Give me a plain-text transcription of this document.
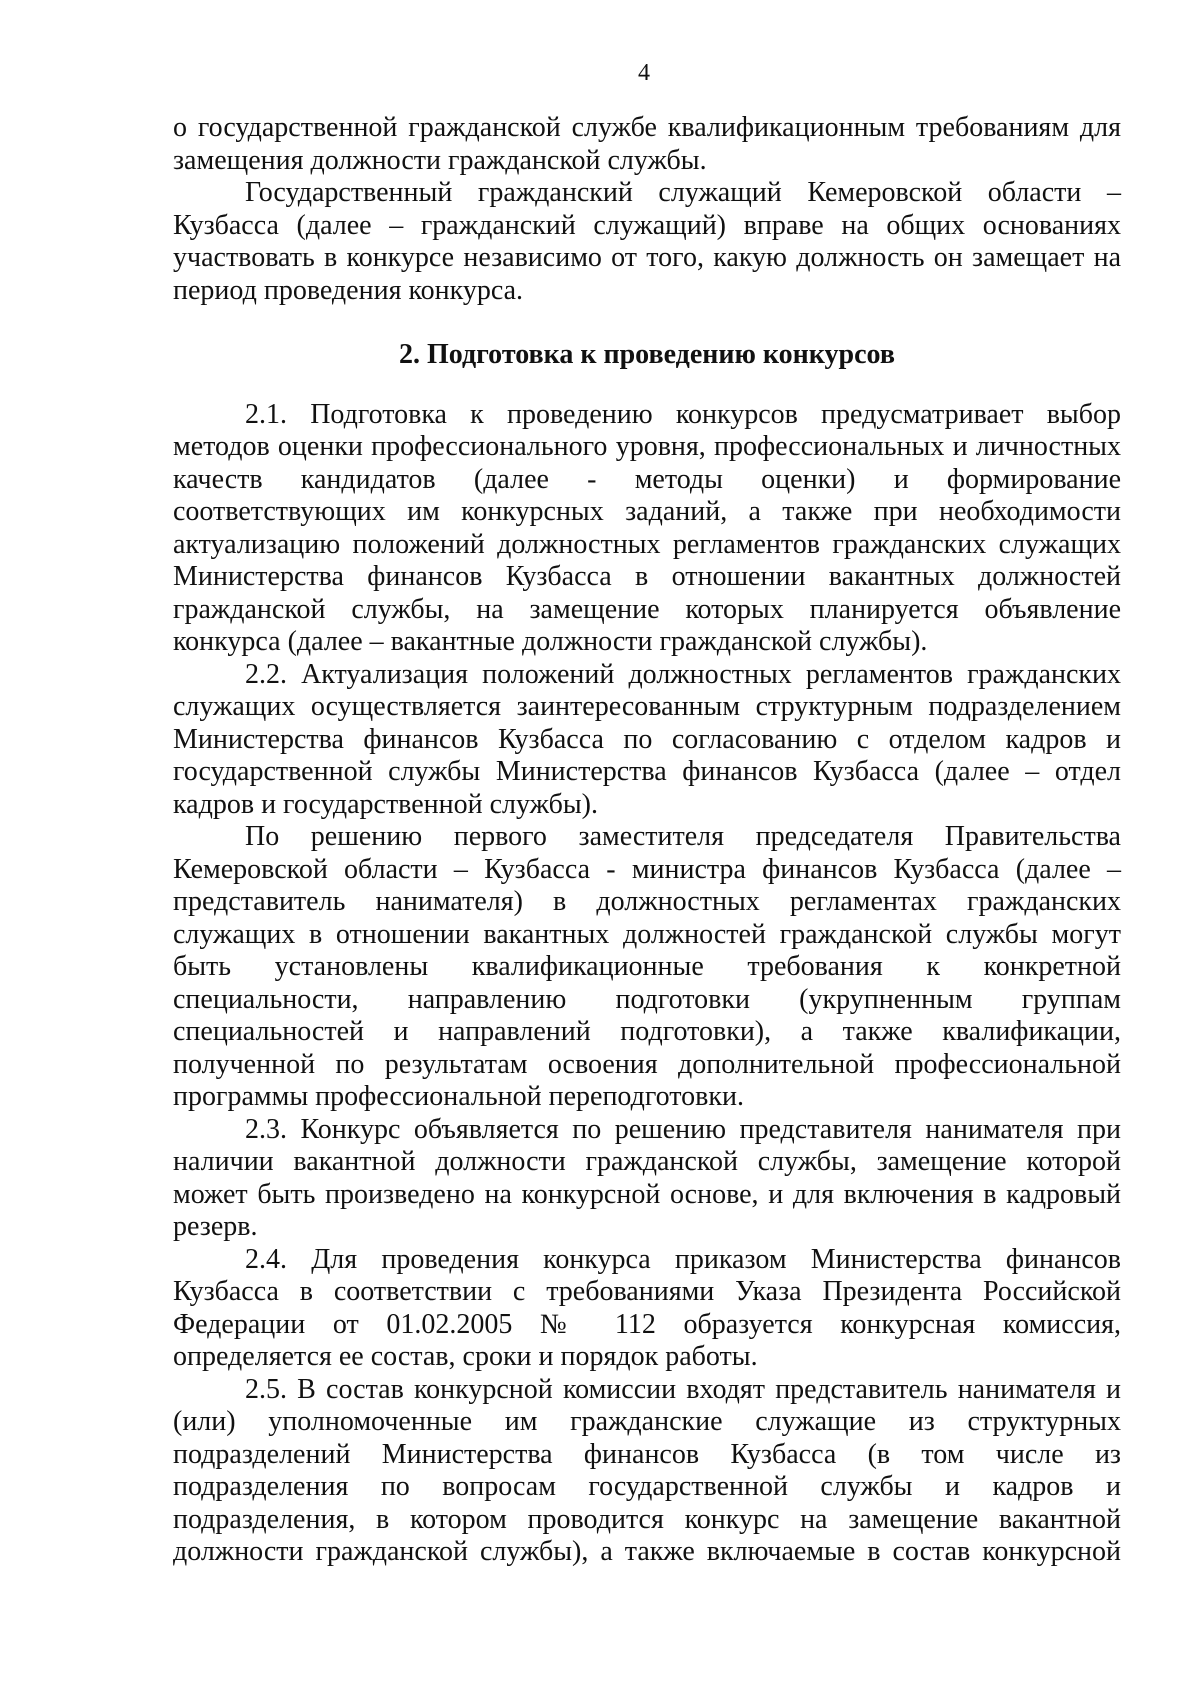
4

о государственной гражданской службе квалификационным требованиям для замещения должности гражданской службы.

Государственный гражданский служащий Кемеровской области – Кузбасса (далее – гражданский служащий) вправе на общих основаниях участвовать в конкурсе независимо от того, какую должность он замещает на период проведения конкурса.

2. Подготовка к проведению конкурсов

2.1. Подготовка к проведению конкурсов предусматривает выбор методов оценки профессионального уровня, профессиональных и личностных качеств кандидатов (далее - методы оценки) и формирование соответствующих им конкурсных заданий, а также при необходимости актуализацию положений должностных регламентов гражданских служащих Министерства финансов Кузбасса в отношении вакантных должностей гражданской службы, на замещение которых планируется объявление конкурса (далее – вакантные должности гражданской службы).

2.2. Актуализация положений должностных регламентов гражданских служащих осуществляется заинтересованным структурным подразделением Министерства финансов Кузбасса по согласованию с отделом кадров и государственной службы Министерства финансов Кузбасса (далее – отдел кадров и государственной службы).

По решению первого заместителя председателя Правительства Кемеровской области – Кузбасса - министра финансов Кузбасса (далее – представитель нанимателя) в должностных регламентах гражданских служащих в отношении вакантных должностей гражданской службы могут быть установлены квалификационные требования к конкретной специальности, направлению подготовки (укрупненным группам специальностей и направлений подготовки), а также квалификации, полученной по результатам освоения дополнительной профессиональной программы профессиональной переподготовки.

2.3. Конкурс объявляется по решению представителя нанимателя при наличии вакантной должности гражданской службы, замещение которой может быть произведено на конкурсной основе, и для включения в кадровый резерв.

2.4. Для проведения конкурса приказом Министерства финансов Кузбасса в соответствии с требованиями Указа Президента Российской Федерации от 01.02.2005 № 112 образуется конкурсная комиссия, определяется ее состав, сроки и порядок работы.

2.5. В состав конкурсной комиссии входят представитель нанимателя и (или) уполномоченные им гражданские служащие из структурных подразделений Министерства финансов Кузбасса (в том числе из подразделения по вопросам государственной службы и кадров и подразделения, в котором проводится конкурс на замещение вакантной должности гражданской службы), а также включаемые в состав конкурсной
